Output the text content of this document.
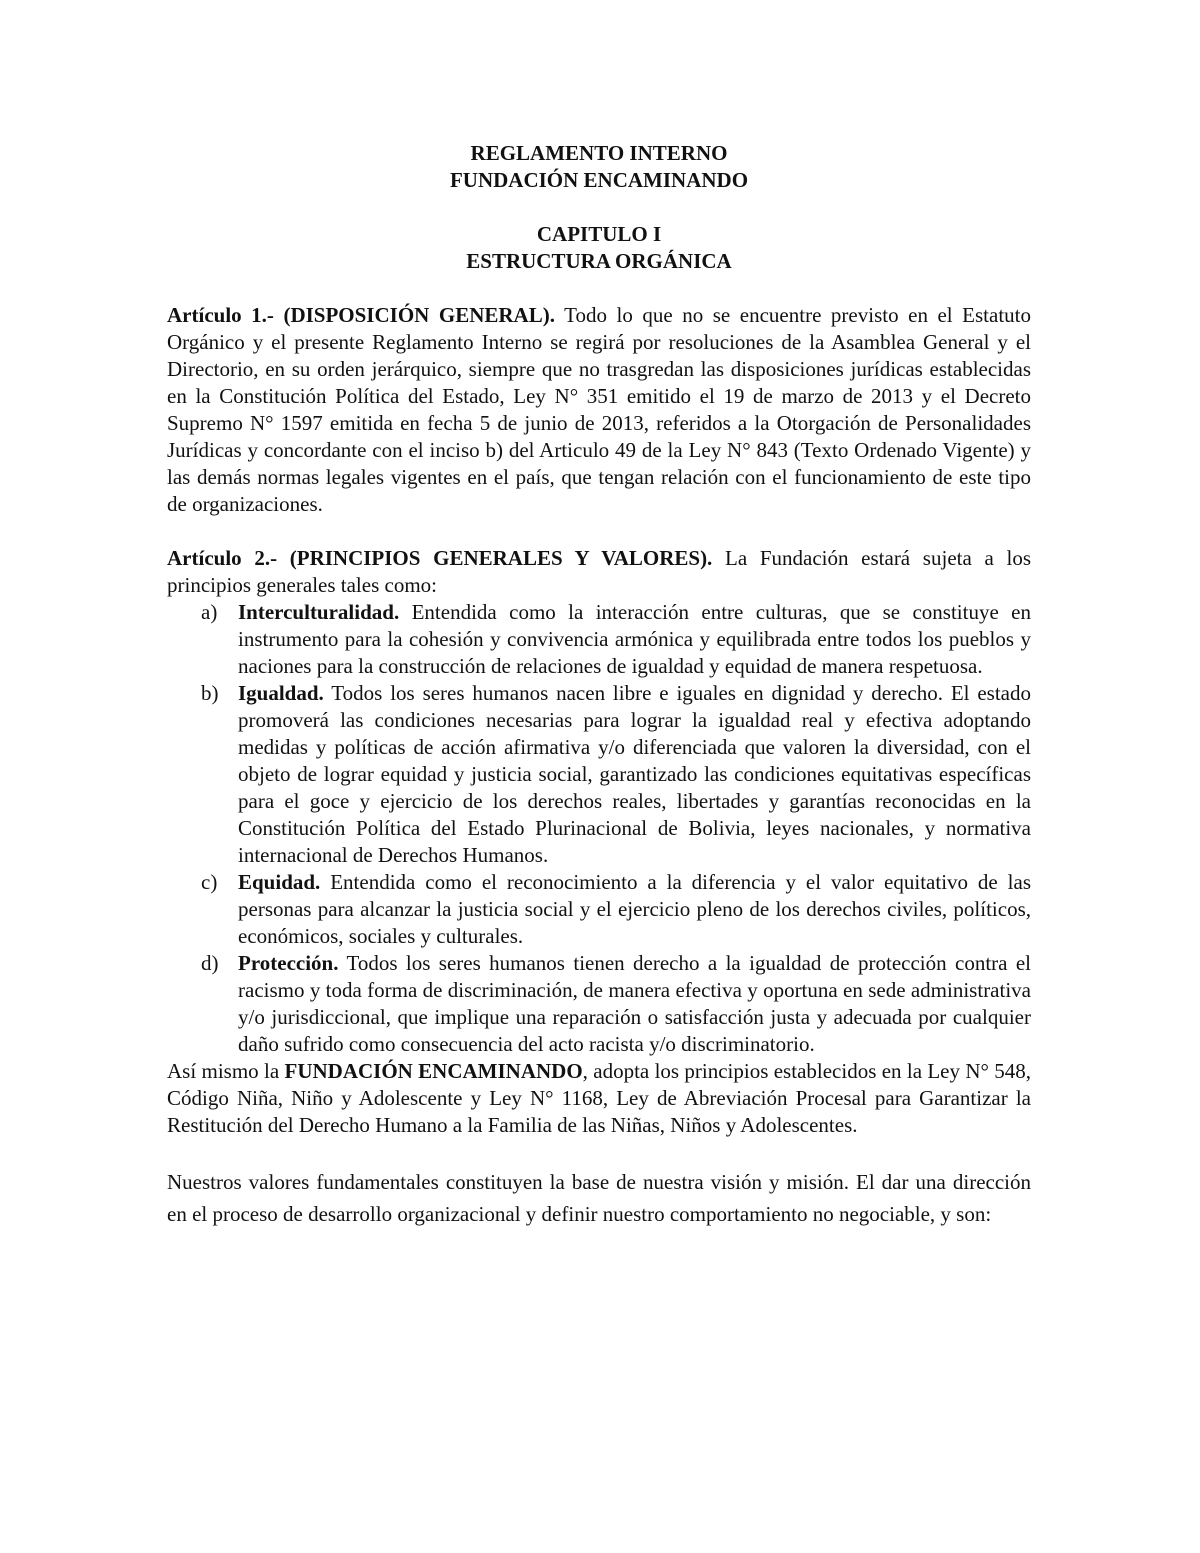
REGLAMENTO INTERNO

FUNDACIÓN ENCAMINANDO

CAPITULO I

ESTRUCTURA ORGÁNICA

Artículo 1.- (DISPOSICIÓN GENERAL). Todo lo que no se encuentre previsto en el Estatuto Orgánico y el presente Reglamento Interno se regirá por resoluciones de la Asamblea General y el Directorio, en su orden jerárquico, siempre que no trasgredan las disposiciones jurídicas establecidas en la Constitución Política del Estado, Ley N° 351 emitido el 19 de marzo de 2013 y el Decreto Supremo N° 1597 emitida en fecha 5 de junio de 2013, referidos a la Otorgación de Personalidades Jurídicas y concordante con el inciso b) del Articulo 49 de la Ley N° 843 (Texto Ordenado Vigente) y las demás normas legales vigentes en el país, que tengan relación con el funcionamiento de este tipo de organizaciones.

Artículo 2.- (PRINCIPIOS GENERALES Y VALORES). La Fundación estará sujeta a los principios generales tales como:

a) Interculturalidad. Entendida como la interacción entre culturas, que se constituye en instrumento para la cohesión y convivencia armónica y equilibrada entre todos los pueblos y naciones para la construcción de relaciones de igualdad y equidad de manera respetuosa.
b) Igualdad. Todos los seres humanos nacen libre e iguales en dignidad y derecho. El estado promoverá las condiciones necesarias para lograr la igualdad real y efectiva adoptando medidas y políticas de acción afirmativa y/o diferenciada que valoren la diversidad, con el objeto de lograr equidad y justicia social, garantizado las condiciones equitativas específicas para el goce y ejercicio de los derechos reales, libertades y garantías reconocidas en la Constitución Política del Estado Plurinacional de Bolivia, leyes nacionales, y normativa internacional de Derechos Humanos.
c) Equidad. Entendida como el reconocimiento a la diferencia y el valor equitativo de las personas para alcanzar la justicia social y el ejercicio pleno de los derechos civiles, políticos, económicos, sociales y culturales.
d) Protección. Todos los seres humanos tienen derecho a la igualdad de protección contra el racismo y toda forma de discriminación, de manera efectiva y oportuna en sede administrativa y/o jurisdiccional, que implique una reparación o satisfacción justa y adecuada por cualquier daño sufrido como consecuencia del acto racista y/o discriminatorio.

Así mismo la FUNDACIÓN ENCAMINANDO, adopta los principios establecidos en la Ley N° 548, Código Niña, Niño y Adolescente y Ley N° 1168, Ley de Abreviación Procesal para Garantizar la Restitución del Derecho Humano a la Familia de las Niñas, Niños y Adolescentes.

Nuestros valores fundamentales constituyen la base de nuestra visión y misión. El dar una dirección en el proceso de desarrollo organizacional y definir nuestro comportamiento no negociable, y son:
